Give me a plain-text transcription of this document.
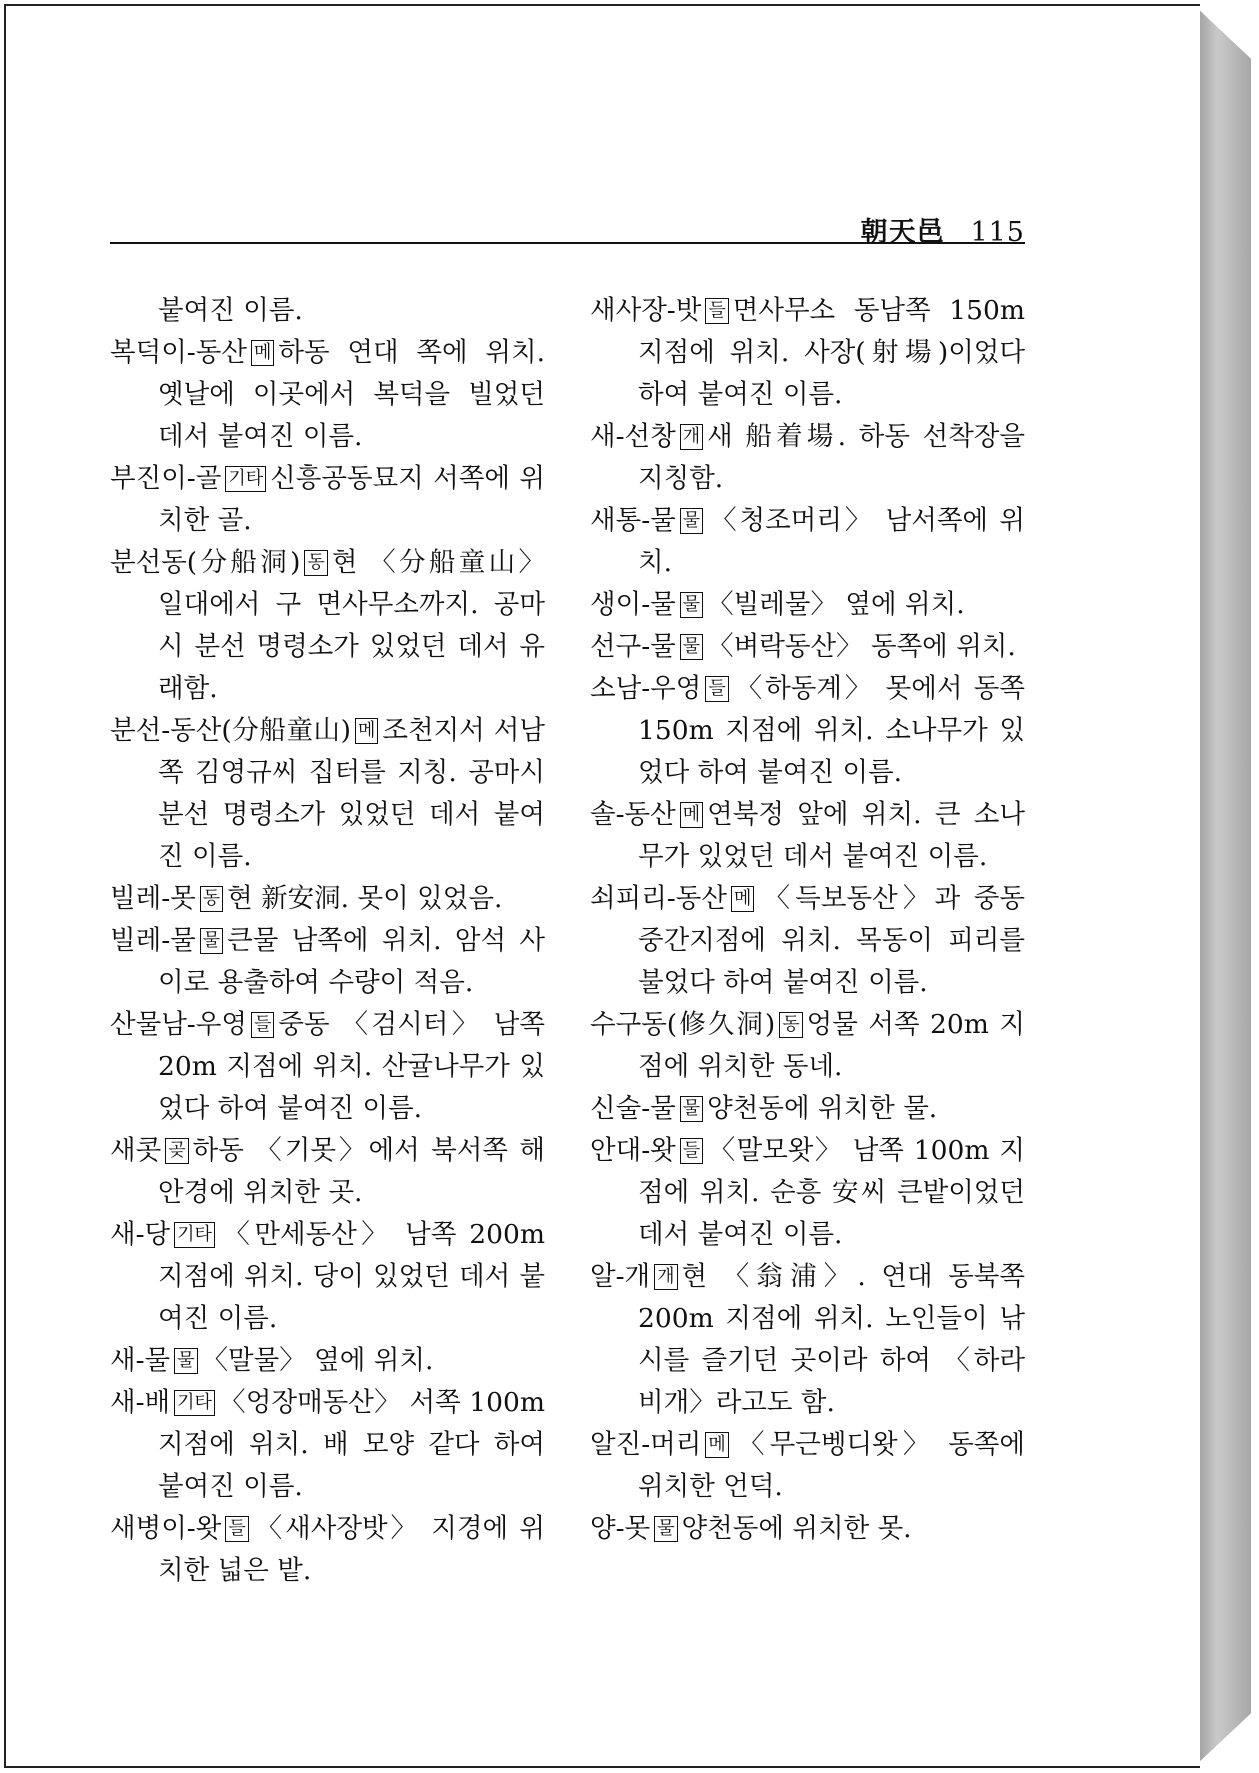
朝天邑 115

붙여진 이름.

복덕이-동산 메 하동 연대 쪽에 위치. 옛날에 이곳에서 복덕을 빌었던 데서 붙여진 이름.

부진이-골 기타 신흥공동묘지 서쪽에 위치한 골.

분선동(分船洞) 동 현 〈分船童山〉 일대에서 구 면사무소까지. 공마시 분선 명령소가 있었던 데서 유래함.

분선-동산(分船童山) 메 조천지서 서남쪽 김영규씨 집터를 지칭. 공마시 분선 명령소가 있었던 데서 붙여진 이름.

빌레-못 동 현 新安洞. 못이 있었음.

빌레-물 물 큰물 남쪽에 위치. 암석 사이로 용출하여 수량이 적음.

산물남-우영 들 중동 〈검시터〉 남쪽 20m 지점에 위치. 산귤나무가 있었다 하여 붙여진 이름.

새콧 곶 하동 〈기못〉에서 북서쪽 해안경에 위치한 곳.

새-당 기타 〈만세동산〉 남쪽 200m 지점에 위치. 당이 있었던 데서 붙여진 이름.

새-물 물 〈말물〉 옆에 위치.

새-배 기타 〈엉장매동산〉 서쪽 100m 지점에 위치. 배 모양 같다 하여 붙여진 이름.

새병이-왓 들 〈새사장밧〉 지경에 위치한 넓은 밭.

새사장-밧 들 면사무소 동남쪽 150m 지점에 위치. 사장(射場)이었다 하여 붙여진 이름.

새-선창 개 새 船着場. 하동 선착장을 지칭함.

새통-물 물 〈청조머리〉 남서쪽에 위치.

생이-물 물 〈빌레물〉 옆에 위치.

선구-물 물 〈벼락동산〉 동쪽에 위치.

소남-우영 들 〈하동계〉 못에서 동쪽 150m 지점에 위치. 소나무가 있었다 하여 붙여진 이름.

솔-동산 메 연북정 앞에 위치. 큰 소나무가 있었던 데서 붙여진 이름.

쇠피리-동산 메 〈득보동산〉과 중동 중간지점에 위치. 목동이 피리를 불었다 하여 붙여진 이름.

수구동(修久洞) 동 엉물 서쪽 20m 지점에 위치한 동네.

신술-물 물 양천동에 위치한 물.

안대-왓 들 〈말모왓〉 남쪽 100m 지점에 위치. 순흥 安씨 큰밭이었던 데서 붙여진 이름.

알-개 개 현 〈翁浦〉. 연대 동북쪽 200m 지점에 위치. 노인들이 낚시를 즐기던 곳이라 하여 〈하라비개〉라고도 함.

알진-머리 메 〈무근벵디왓〉 동쪽에 위치한 언덕.

양-못 물 양천동에 위치한 못.
